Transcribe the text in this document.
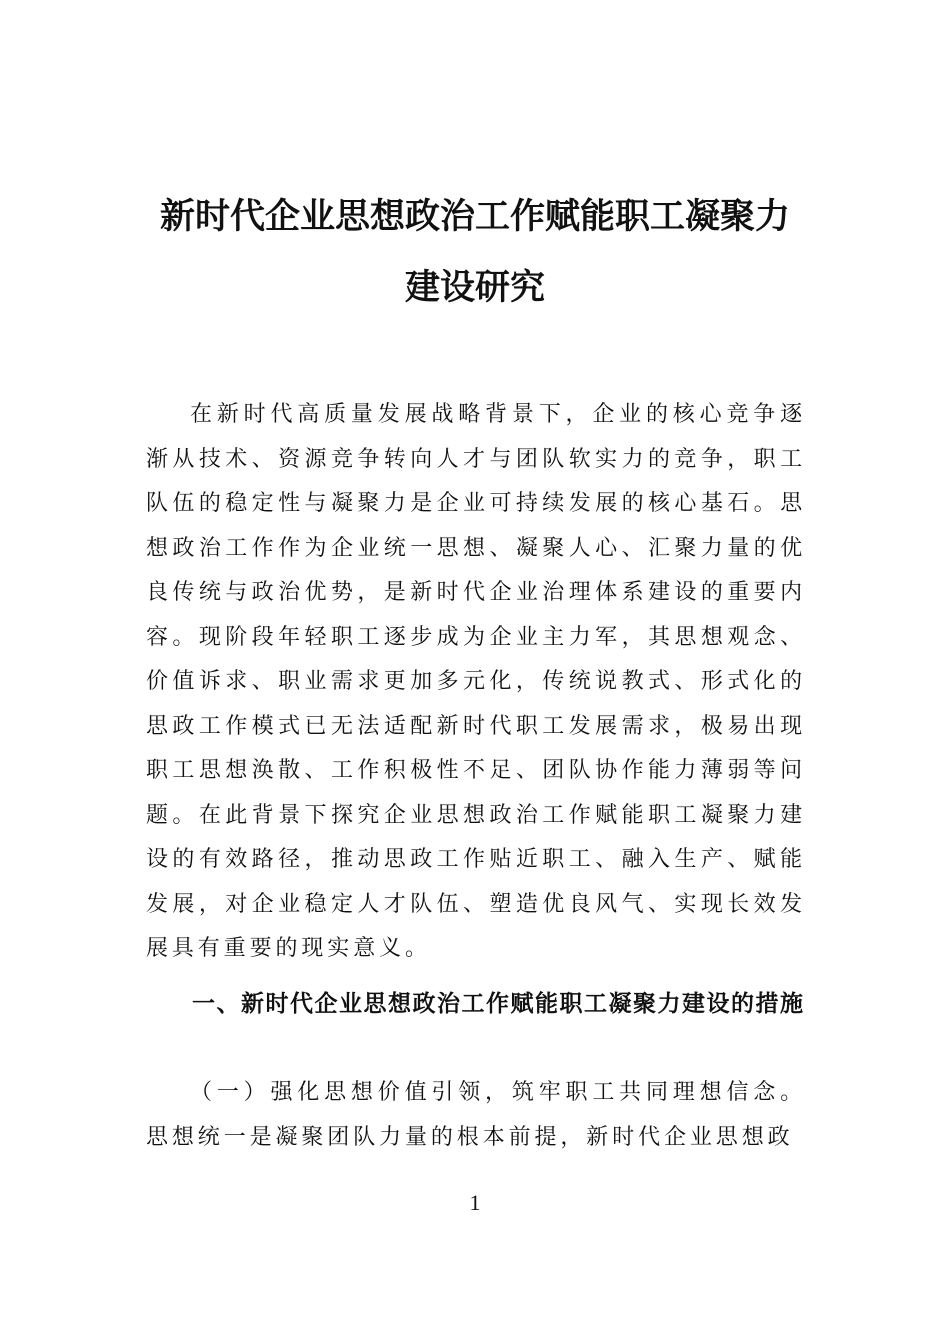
新时代企业思想政治工作赋能职工凝聚力
建设研究

在新时代高质量发展战略背景下，企业的核心竞争逐渐从技术、资源竞争转向人才与团队软实力的竞争，职工队伍的稳定性与凝聚力是企业可持续发展的核心基石。思想政治工作作为企业统一思想、凝聚人心、汇聚力量的优良传统与政治优势，是新时代企业治理体系建设的重要内容。现阶段年轻职工逐步成为企业主力军，其思想观念、价值诉求、职业需求更加多元化，传统说教式、形式化的思政工作模式已无法适配新时代职工发展需求，极易出现职工思想涣散、工作积极性不足、团队协作能力薄弱等问题。在此背景下探究企业思想政治工作赋能职工凝聚力建设的有效路径，推动思政工作贴近职工、融入生产、赋能发展，对企业稳定人才队伍、塑造优良风气、实现长效发展具有重要的现实意义。

一、新时代企业思想政治工作赋能职工凝聚力建设的措施

（一）强化思想价值引领，筑牢职工共同理想信念。思想统一是凝聚团队力量的根本前提，新时代企业思想政

1
